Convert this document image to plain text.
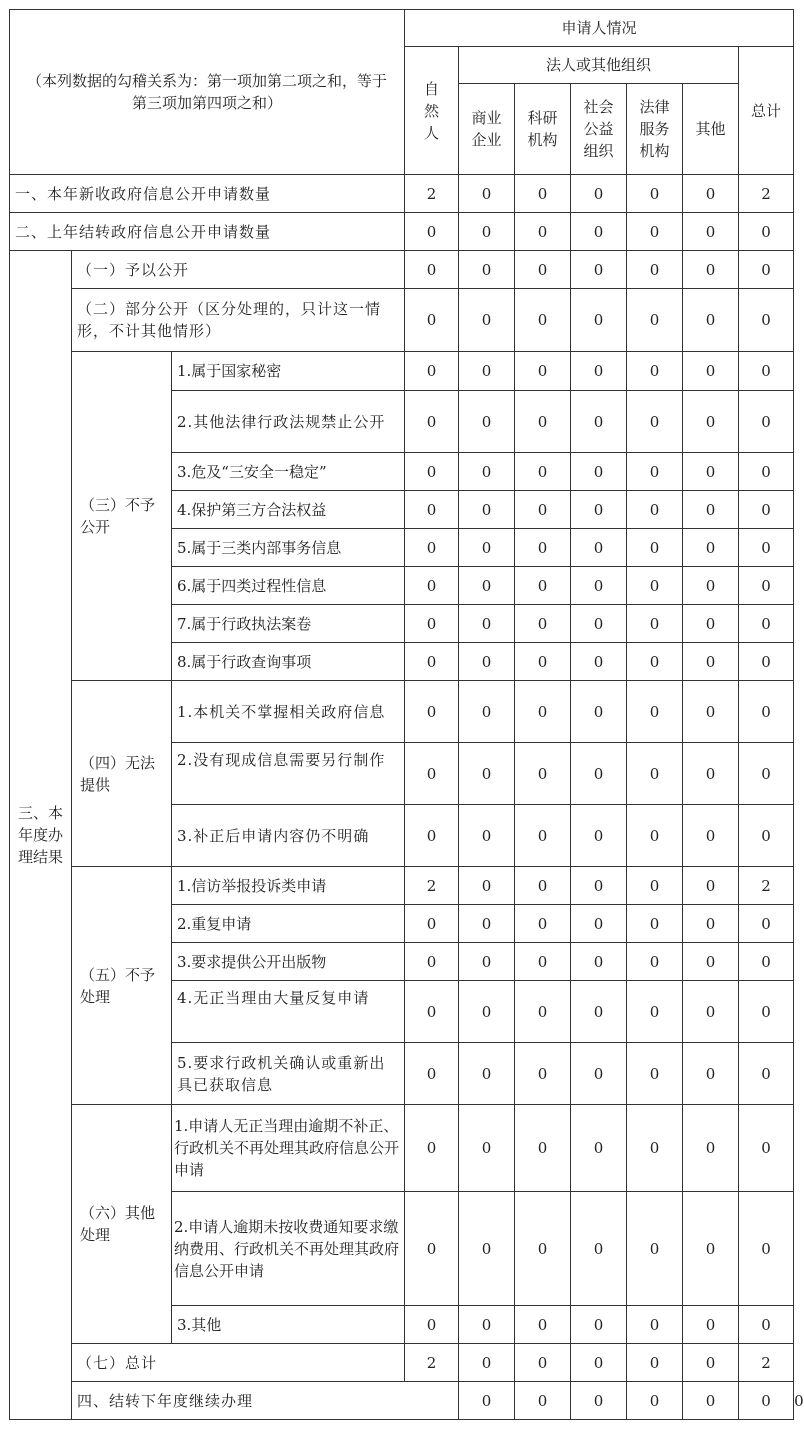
（本列数据的勾稽关系为：第一项加第二项之和，等于第三项加第四项之和）			申请人情况							
			自然人	法人或其他组织					总计	
				商业企业	科研机构	社会公益组织	法律服务机构	其他		
一、本年新收政府信息公开申请数量			2	0	0	0	0	0	2	
二、上年结转政府信息公开申请数量			0	0	0	0	0	0	0	
三、本年度办理结果	（一）予以公开		0	0	0	0	0	0	0	
	（二）部分公开（区分处理的，只计这一情形，不计其他情形）		0	0	0	0	0	0	0	
	（三）不予公开	1.属于国家秘密	0	0	0	0	0	0	0	
		2.其他法律行政法规禁止公开	0	0	0	0	0	0	0	
		3.危及“三安全一稳定”	0	0	0	0	0	0	0	
		4.保护第三方合法权益	0	0	0	0	0	0	0	
		5.属于三类内部事务信息	0	0	0	0	0	0	0	
		6.属于四类过程性信息	0	0	0	0	0	0	0	
		7.属于行政执法案卷	0	0	0	0	0	0	0	
		8.属于行政查询事项	0	0	0	0	0	0	0	
	（四）无法提供	1.本机关不掌握相关政府信息	0	0	0	0	0	0	0	
		2.没有现成信息需要另行制作	0	0	0	0	0	0	0	
		3.补正后申请内容仍不明确	0	0	0	0	0	0	0	
	（五）不予处理	1.信访举报投诉类申请	2	0	0	0	0	0	2	
		2.重复申请	0	0	0	0	0	0	0	
		3.要求提供公开出版物	0	0	0	0	0	0	0	
		4.无正当理由大量反复申请	0	0	0	0	0	0	0	
		5.要求行政机关确认或重新出具已获取信息	0	0	0	0	0	0	0	
	（六）其他处理	1.申请人无正当理由逾期不补正、行政机关不再处理其政府信息公开申请	0	0	0	0	0	0	0	
		2.申请人逾期未按收费通知要求缴纳费用、行政机关不再处理其政府信息公开申请	0	0	0	0	0	0	0	
		3.其他	0	0	0	0	0	0	0	
	（七）总计		2	0	0	0	0	0	2	
	四、结转下年度继续办理			0	0	0	0	0	0	0
